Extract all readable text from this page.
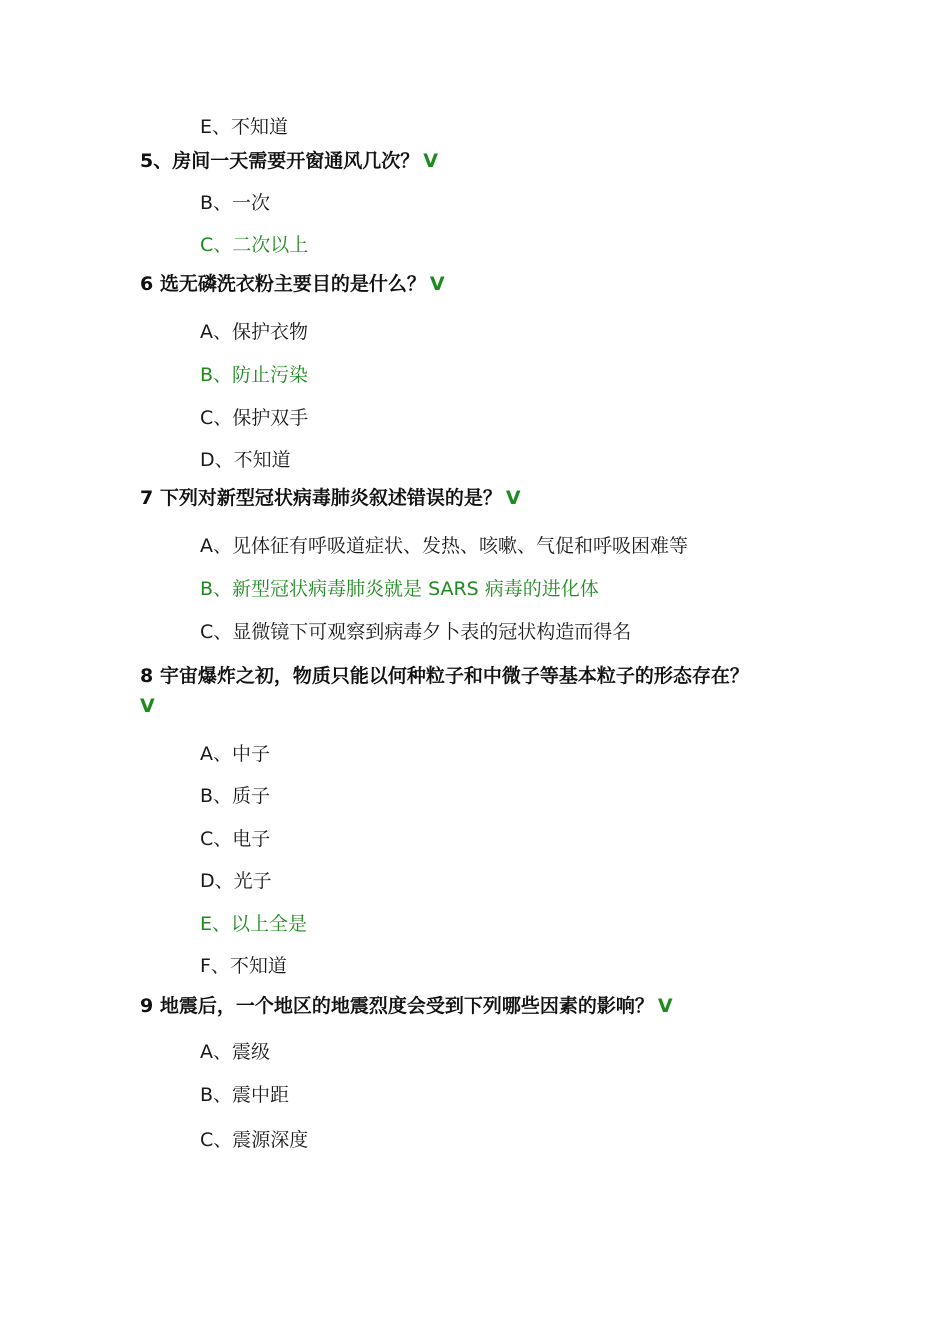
E、不知道
5、房间一天需要开窗通风几次？ V
B、一次
C、二次以上
6 选无磷洗衣粉主要目的是什么？ V
A、保护衣物
B、防止污染
C、保护双手
D、不知道
7 下列对新型冠状病毒肺炎叙述错误的是？ V
A、见体征有呼吸道症状、发热、咳嗽、气促和呼吸困难等
B、新型冠状病毒肺炎就是 SARS 病毒的进化体
C、显微镜下可观察到病毒夕卜表的冠状构造而得名
8 宇宙爆炸之初，物质只能以何种粒子和中微子等基本粒子的形态存在？
V
A、中子
B、质子
C、电子
D、光子
E、以上全是
F、不知道
9 地震后，一个地区的地震烈度会受到下列哪些因素的影响？ V
A、震级
B、震中距
C、震源深度
